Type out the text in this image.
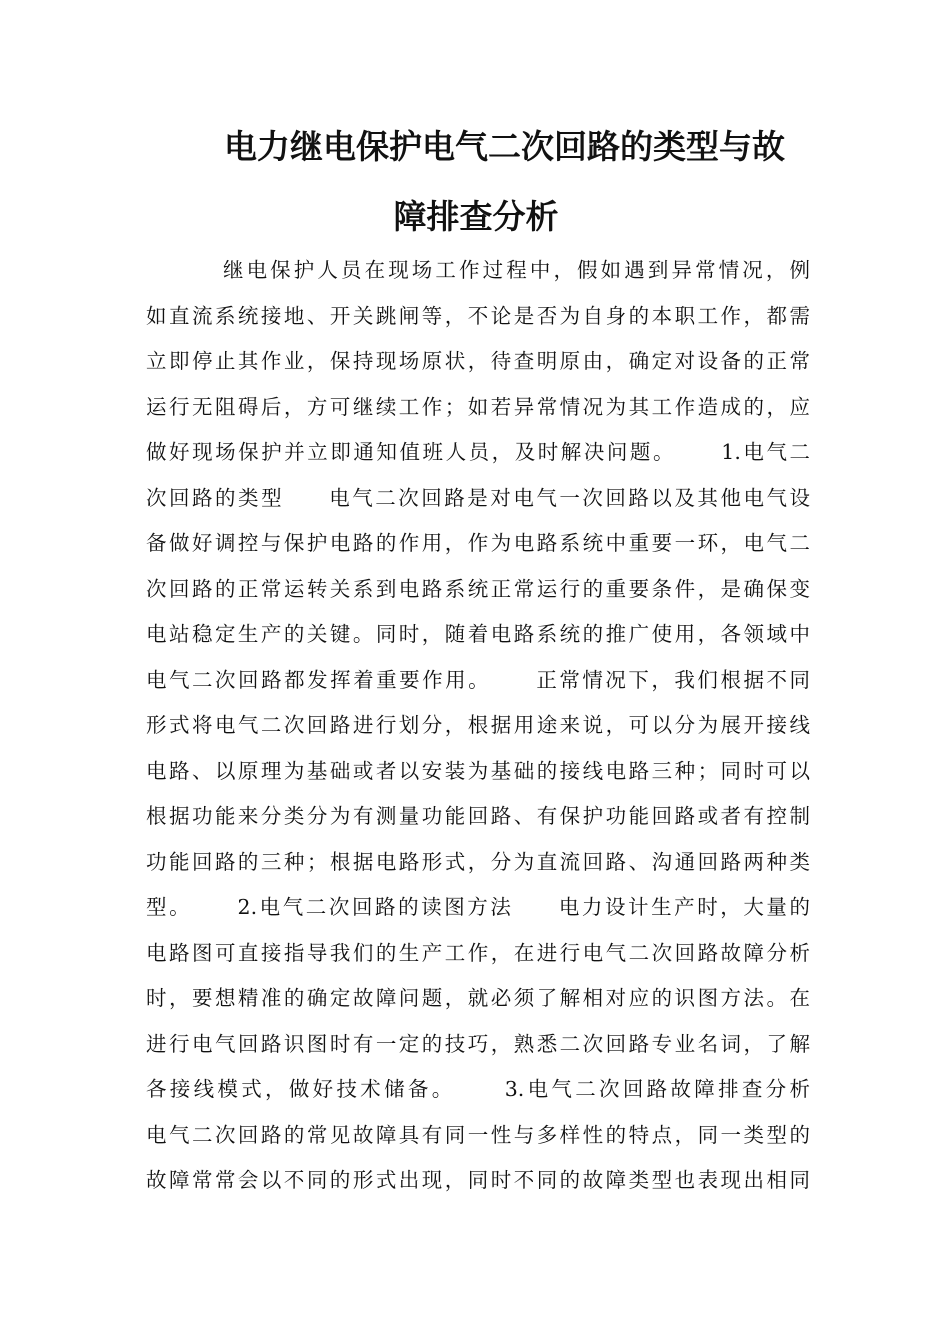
电力继电保护电气二次回路的类型与故
障排查分析
继电保护人员在现场工作过程中，假如遇到异常情况，例
如直流系统接地、开关跳闸等，不论是否为自身的本职工作，都需
立即停止其作业，保持现场原状，待查明原由，确定对设备的正常
运行无阻碍后，方可继续工作；如若异常情况为其工作造成的，应
做好现场保护并立即通知值班人员，及时解决问题。     1.电气二
次回路的类型     电气二次回路是对电气一次回路以及其他电气设
备做好调控与保护电路的作用，作为电路系统中重要一环，电气二
次回路的正常运转关系到电路系统正常运行的重要条件，是确保变
电站稳定生产的关键。同时，随着电路系统的推广使用，各领域中
电气二次回路都发挥着重要作用。     正常情况下，我们根据不同
形式将电气二次回路进行划分，根据用途来说，可以分为展开接线
电路、以原理为基础或者以安装为基础的接线电路三种；同时可以
根据功能来分类分为有测量功能回路、有保护功能回路或者有控制
功能回路的三种；根据电路形式，分为直流回路、沟通回路两种类
型。     2.电气二次回路的读图方法     电力设计生产时，大量的
电路图可直接指导我们的生产工作，在进行电气二次回路故障分析
时，要想精准的确定故障问题，就必须了解相对应的识图方法。在
进行电气回路识图时有一定的技巧，熟悉二次回路专业名词，了解
各接线模式，做好技术储备。     3.电气二次回路故障排查分析
电气二次回路的常见故障具有同一性与多样性的特点，同一类型的
故障常常会以不同的形式出现，同时不同的故障类型也表现出相同
